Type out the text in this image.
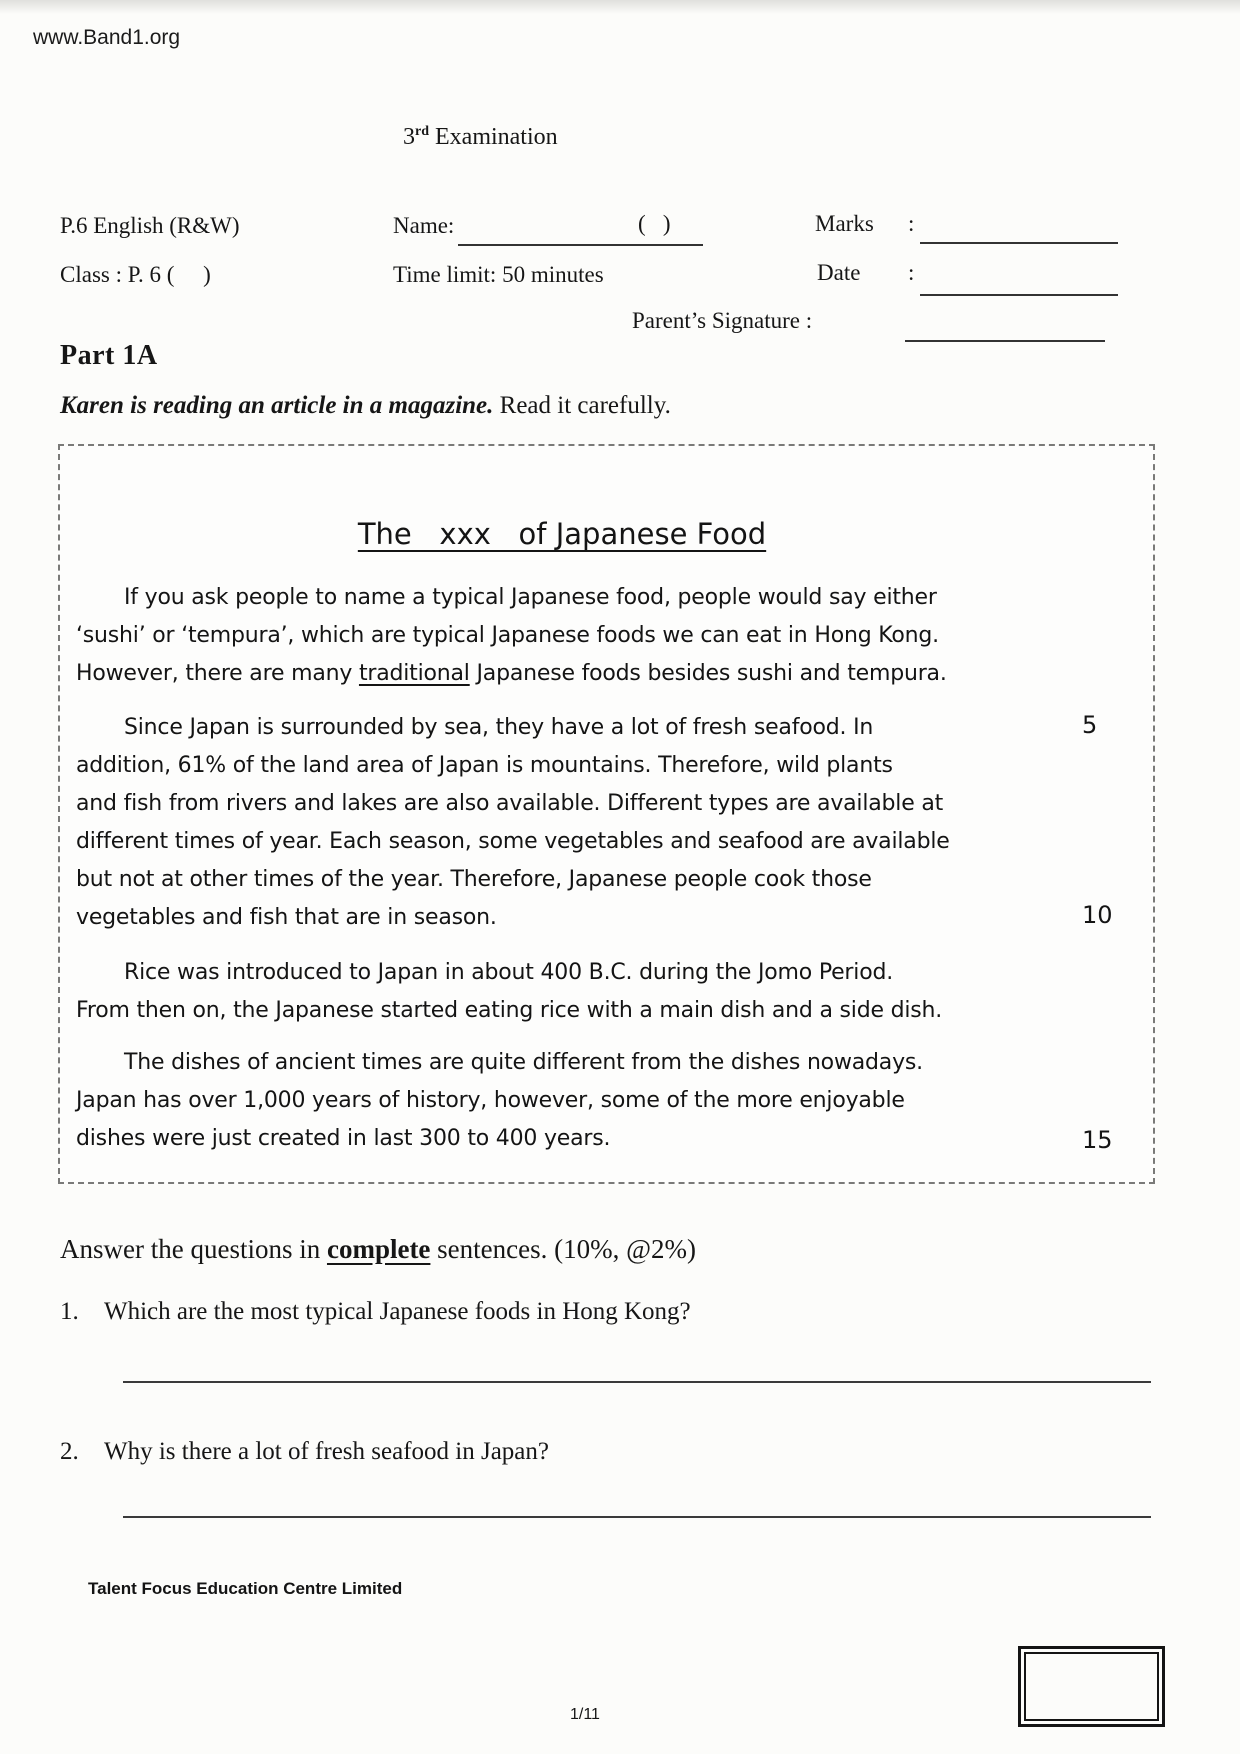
www.Band1.org
3rd Examination
P.6 English (R&W)	Name:	(   )	Marks :
Class : P. 6 (     )	Time limit: 50 minutes	Date :
Parent’s Signature :
Part 1A
Karen is reading an article in a magazine. Read it carefully.
The   xxx   of Japanese Food
If you ask people to name a typical Japanese food, people would say either
‘sushi’ or ‘tempura’, which are typical Japanese foods we can eat in Hong Kong.
However, there are many traditional Japanese foods besides sushi and tempura.
Since Japan is surrounded by sea, they have a lot of fresh seafood. In
addition, 61% of the land area of Japan is mountains. Therefore, wild plants
and fish from rivers and lakes are also available. Different types are available at
different times of year. Each season, some vegetables and seafood are available
but not at other times of the year. Therefore, Japanese people cook those
vegetables and fish that are in season.
Rice was introduced to Japan in about 400 B.C. during the Jomo Period.
From then on, the Japanese started eating rice with a main dish and a side dish.
The dishes of ancient times are quite different from the dishes nowadays.
Japan has over 1,000 years of history, however, some of the more enjoyable
dishes were just created in last 300 to 400 years.
5
10
15
Answer the questions in complete sentences. (10%, @2%)
1. Which are the most typical Japanese foods in Hong Kong?
2. Why is there a lot of fresh seafood in Japan?
Talent Focus Education Centre Limited
1/11
